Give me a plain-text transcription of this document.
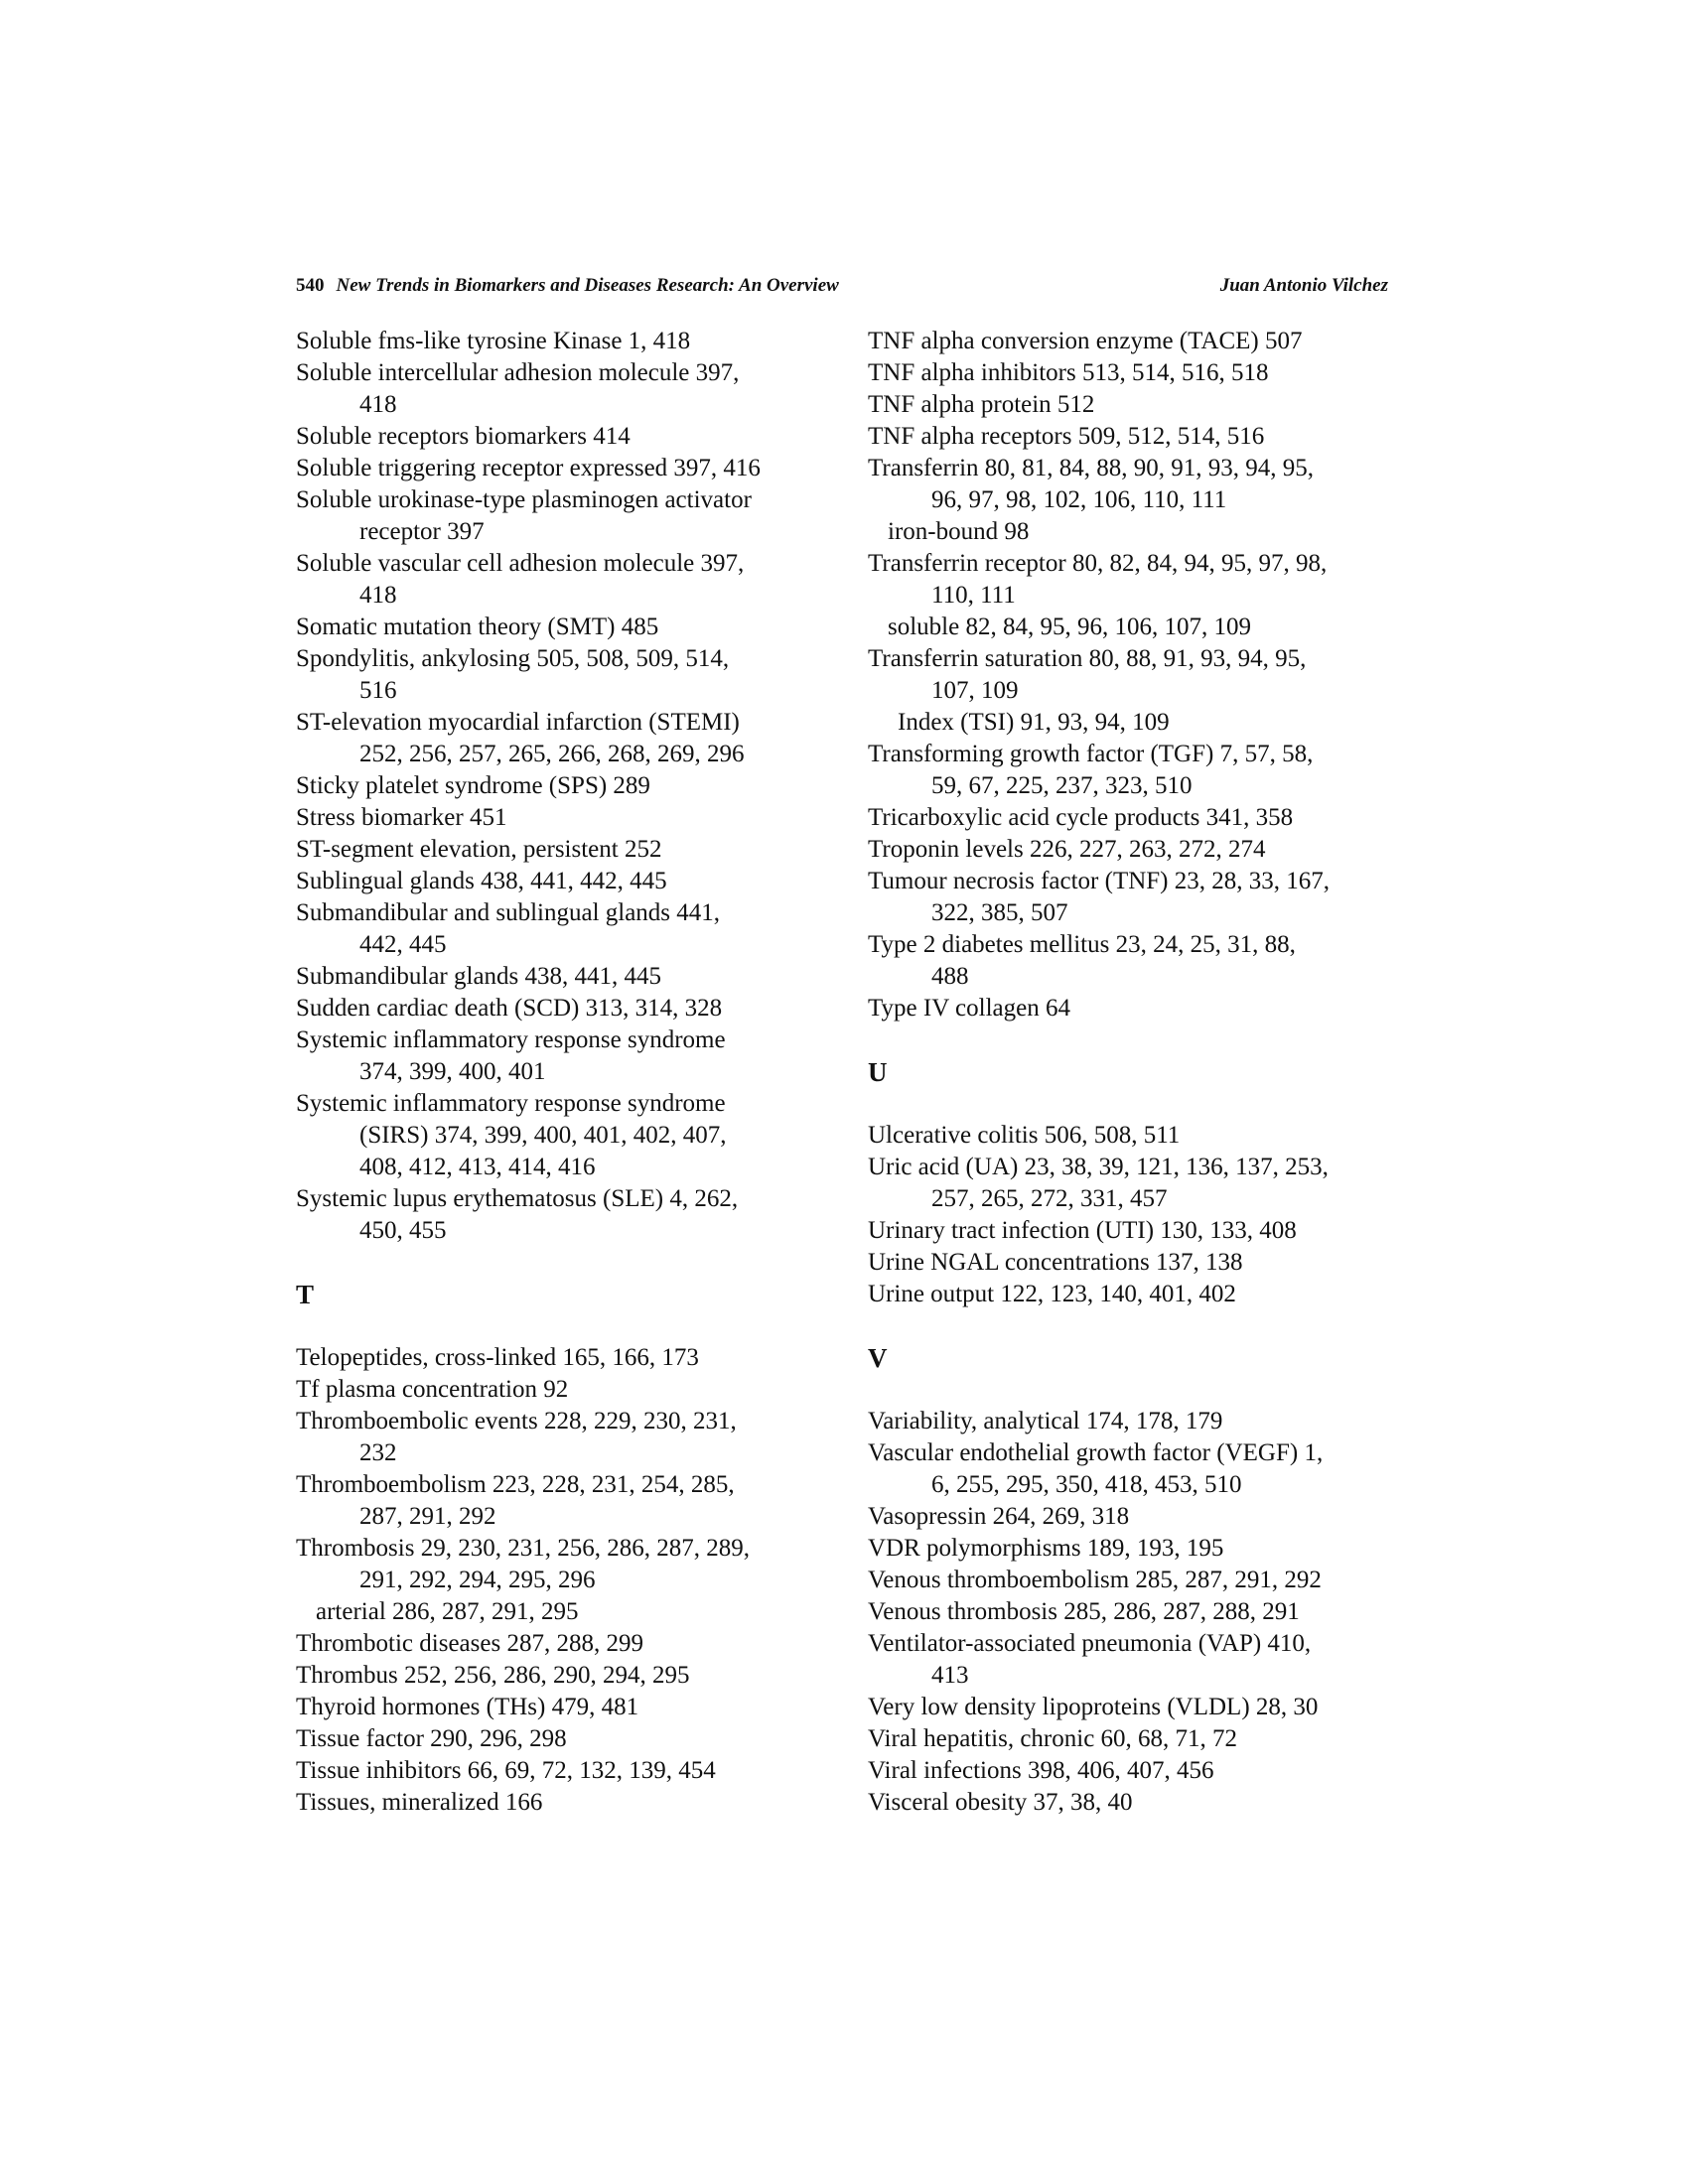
540 New Trends in Biomarkers and Diseases Research: An Overview	Juan Antonio Vilchez
Soluble fms-like tyrosine Kinase 1, 418
Soluble intercellular adhesion molecule 397,
418
Soluble receptors biomarkers 414
Soluble triggering receptor expressed 397, 416
Soluble urokinase-type plasminogen activator
receptor 397
Soluble vascular cell adhesion molecule 397,
418
Somatic mutation theory (SMT) 485
Spondylitis, ankylosing 505, 508, 509, 514,
516
ST-elevation myocardial infarction (STEMI)
252, 256, 257, 265, 266, 268, 269, 296
Sticky platelet syndrome (SPS) 289
Stress biomarker 451
ST-segment elevation, persistent 252
Sublingual glands 438, 441, 442, 445
Submandibular and sublingual glands 441,
442, 445
Submandibular glands 438, 441, 445
Sudden cardiac death (SCD) 313, 314, 328
Systemic inflammatory response syndrome
374, 399, 400, 401
Systemic inflammatory response syndrome
(SIRS) 374, 399, 400, 401, 402, 407,
408, 412, 413, 414, 416
Systemic lupus erythematosus (SLE) 4, 262,
450, 455
T
Telopeptides, cross-linked 165, 166, 173
Tf plasma concentration 92
Thromboembolic events 228, 229, 230, 231,
232
Thromboembolism 223, 228, 231, 254, 285,
287, 291, 292
Thrombosis 29, 230, 231, 256, 286, 287, 289,
291, 292, 294, 295, 296
arterial 286, 287, 291, 295
Thrombotic diseases 287, 288, 299
Thrombus 252, 256, 286, 290, 294, 295
Thyroid hormones (THs) 479, 481
Tissue factor 290, 296, 298
Tissue inhibitors 66, 69, 72, 132, 139, 454
Tissues, mineralized 166
TNF alpha conversion enzyme (TACE) 507
TNF alpha inhibitors 513, 514, 516, 518
TNF alpha protein 512
TNF alpha receptors 509, 512, 514, 516
Transferrin 80, 81, 84, 88, 90, 91, 93, 94, 95,
96, 97, 98, 102, 106, 110, 111
iron-bound 98
Transferrin receptor 80, 82, 84, 94, 95, 97, 98,
110, 111
soluble 82, 84, 95, 96, 106, 107, 109
Transferrin saturation 80, 88, 91, 93, 94, 95,
107, 109
Index (TSI) 91, 93, 94, 109
Transforming growth factor (TGF) 7, 57, 58,
59, 67, 225, 237, 323, 510
Tricarboxylic acid cycle products 341, 358
Troponin levels 226, 227, 263, 272, 274
Tumour necrosis factor (TNF) 23, 28, 33, 167,
322, 385, 507
Type 2 diabetes mellitus 23, 24, 25, 31, 88,
488
Type IV collagen 64
U
Ulcerative colitis 506, 508, 511
Uric acid (UA) 23, 38, 39, 121, 136, 137, 253,
257, 265, 272, 331, 457
Urinary tract infection (UTI) 130, 133, 408
Urine NGAL concentrations 137, 138
Urine output 122, 123, 140, 401, 402
V
Variability, analytical 174, 178, 179
Vascular endothelial growth factor (VEGF) 1,
6, 255, 295, 350, 418, 453, 510
Vasopressin 264, 269, 318
VDR polymorphisms 189, 193, 195
Venous thromboembolism 285, 287, 291, 292
Venous thrombosis 285, 286, 287, 288, 291
Ventilator-associated pneumonia (VAP) 410,
413
Very low density lipoproteins (VLDL) 28, 30
Viral hepatitis, chronic 60, 68, 71, 72
Viral infections 398, 406, 407, 456
Visceral obesity 37, 38, 40
